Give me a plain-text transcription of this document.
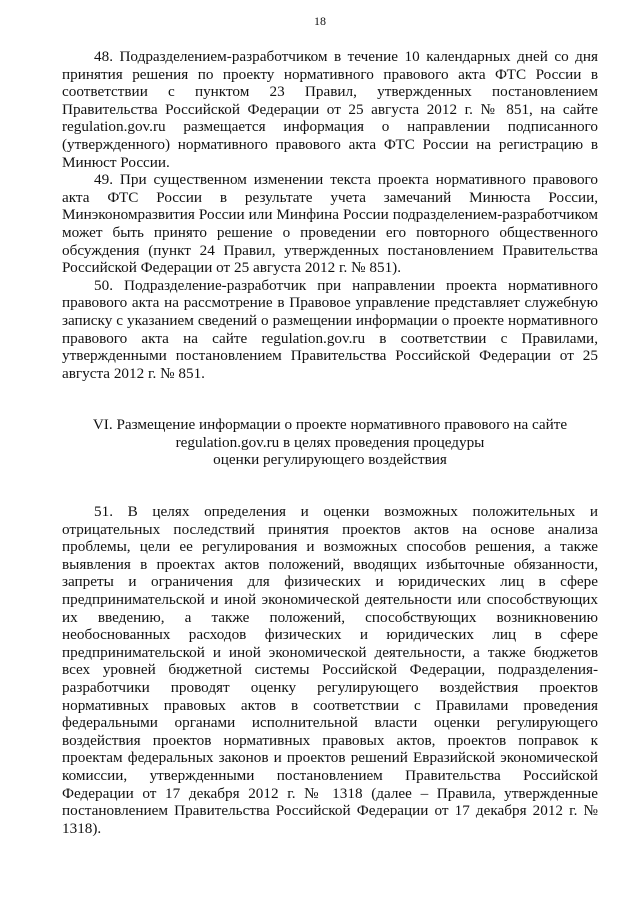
18

48. Подразделением-разработчиком в течение 10 календарных дней со дня принятия решения по проекту нормативного правового акта ФТС России в соответствии с пунктом 23 Правил, утвержденных постановлением Правительства Российской Федерации от 25 августа 2012 г. № 851, на сайте regulation.gov.ru размещается информация о направлении подписанного (утвержденного) нормативного правового акта ФТС России на регистрацию в Минюст России.

49. При существенном изменении текста проекта нормативного правового акта ФТС России в результате учета замечаний Минюста России, Минэкономразвития России или Минфина России подразделением-разработчиком может быть принято решение о проведении его повторного общественного обсуждения (пункт 24 Правил, утвержденных постановлением Правительства Российской Федерации от 25 августа 2012 г. № 851).

50. Подразделение-разработчик при направлении проекта нормативного правового акта на рассмотрение в Правовое управление представляет служебную записку с указанием сведений о размещении информации о проекте нормативного правового акта на сайте regulation.gov.ru в соответствии с Правилами, утвержденными постановлением Правительства Российской Федерации от 25 августа 2012 г. № 851.

VI. Размещение информации о проекте нормативного правового на сайте
regulation.gov.ru в целях проведения процедуры
оценки регулирующего воздействия

51. В целях определения и оценки возможных положительных и отрицательных последствий принятия проектов актов на основе анализа проблемы, цели ее регулирования и возможных способов решения, а также выявления в проектах актов положений, вводящих избыточные обязанности, запреты и ограничения для физических и юридических лиц в сфере предпринимательской и иной экономической деятельности или способствующих их введению, а также положений, способствующих возникновению необоснованных расходов физических и юридических лиц в сфере предпринимательской и иной экономической деятельности, а также бюджетов всех уровней бюджетной системы Российской Федерации, подразделения-разработчики проводят оценку регулирующего воздействия проектов нормативных правовых актов в соответствии с Правилами проведения федеральными органами исполнительной власти оценки регулирующего воздействия проектов нормативных правовых актов, проектов поправок к проектам федеральных законов и проектов решений Евразийской экономической комиссии, утвержденными постановлением Правительства Российской Федерации от 17 декабря 2012 г. № 1318 (далее – Правила, утвержденные постановлением Правительства Российской Федерации от 17 декабря 2012 г. № 1318).
